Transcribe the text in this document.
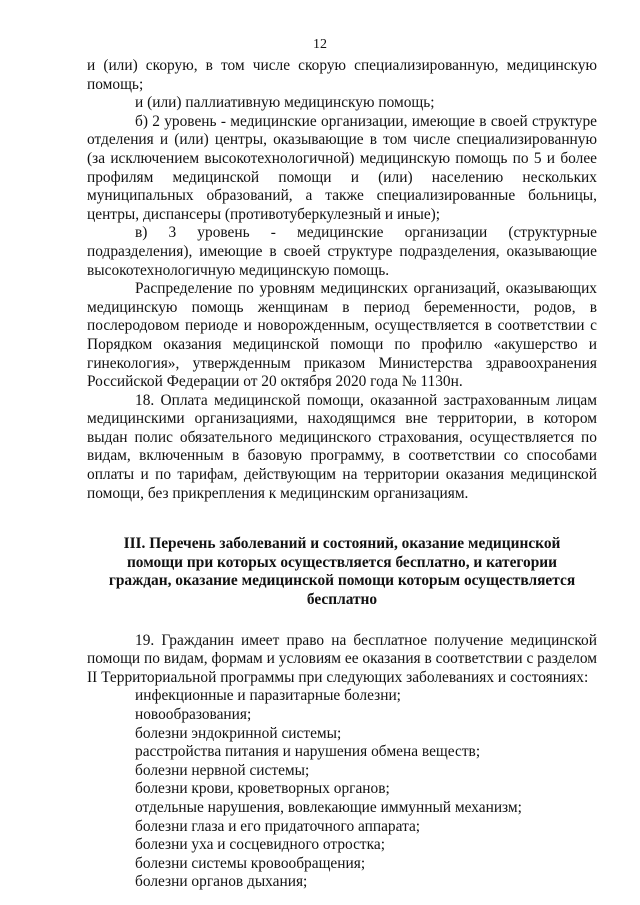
12

и (или) скорую, в том числе скорую специализированную, медицинскую помощь;

и (или) паллиативную медицинскую помощь;

б) 2 уровень - медицинские организации, имеющие в своей структуре отделения и (или) центры, оказывающие в том числе специализированную (за исключением высокотехнологичной) медицинскую помощь по 5 и более профилям медицинской помощи и (или) населению нескольких муниципальных образований, а также специализированные больницы, центры, диспансеры (противотуберкулезный и иные);

в) 3 уровень - медицинские организации (структурные подразделения), имеющие в своей структуре подразделения, оказывающие высокотехнологичную медицинскую помощь.

Распределение по уровням медицинских организаций, оказывающих медицинскую помощь женщинам в период беременности, родов, в послеродовом периоде и новорожденным, осуществляется в соответствии с Порядком оказания медицинской помощи по профилю «акушерство и гинекология», утвержденным приказом Министерства здравоохранения Российской Федерации от 20 октября 2020 года № 1130н.

18. Оплата медицинской помощи, оказанной застрахованным лицам медицинскими организациями, находящимся вне территории, в котором выдан полис обязательного медицинского страхования, осуществляется по видам, включенным в базовую программу, в соответствии со способами оплаты и по тарифам, действующим на территории оказания медицинской помощи, без прикрепления к медицинским организациям.

III. Перечень заболеваний и состояний, оказание медицинской
помощи при которых осуществляется бесплатно, и категории
граждан, оказание медицинской помощи которым осуществляется
бесплатно

19. Гражданин имеет право на бесплатное получение медицинской помощи по видам, формам и условиям ее оказания в соответствии с разделом II Территориальной программы при следующих заболеваниях и состояниях:

инфекционные и паразитарные болезни;
новообразования;
болезни эндокринной системы;
расстройства питания и нарушения обмена веществ;
болезни нервной системы;
болезни крови, кроветворных органов;
отдельные нарушения, вовлекающие иммунный механизм;
болезни глаза и его придаточного аппарата;
болезни уха и сосцевидного отростка;
болезни системы кровообращения;
болезни органов дыхания;
